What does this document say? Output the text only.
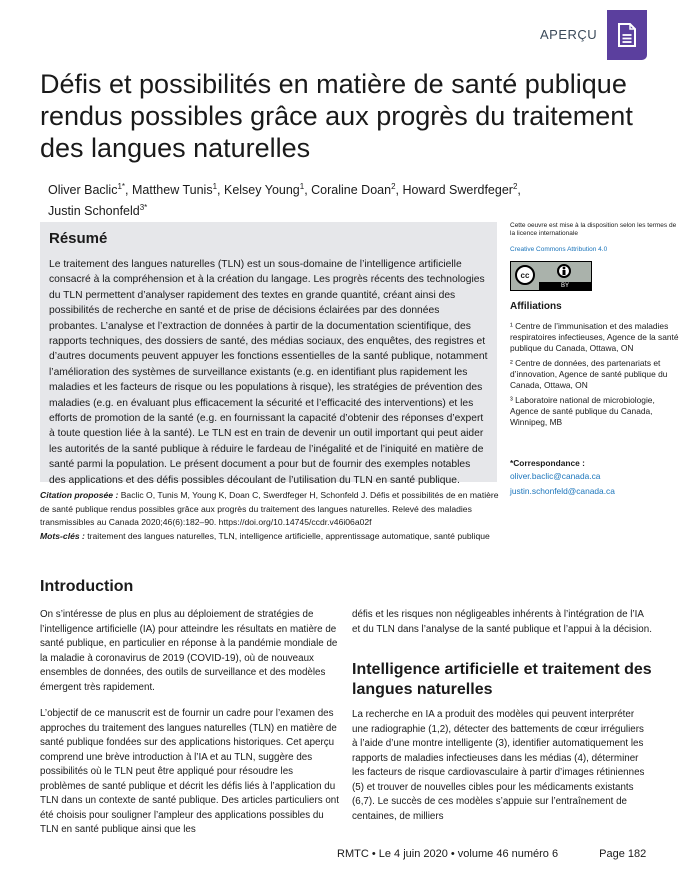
APERÇU
Défis et possibilités en matière de santé publique rendus possibles grâce aux progrès du traitement des langues naturelles
Oliver Baclic$^{1*}$, Matthew Tunis$^1$, Kelsey Young$^1$, Coraline Doan$^2$, Howard Swerdfeger$^2$,
Justin Schonfeld$^{3*}$
Résumé

Le traitement des langues naturelles (TLN) est un sous-domaine de l’intelligence artificielle consacré à la compréhension et à la création du langage. Les progrès récents des technologies du TLN permettent d’analyser rapidement des textes en grande quantité, créant ainsi des possibilités de recherche en santé et de prise de décisions éclairées par des données probantes. L’analyse et l’extraction de données à partir de la documentation scientifique, des rapports techniques, des dossiers de santé, des médias sociaux, des enquêtes, des registres et d’autres documents peuvent appuyer les fonctions essentielles de la santé publique, notamment l’amélioration des systèmes de surveillance existants (e.g. en identifiant plus rapidement les maladies et les facteurs de risque ou les populations à risque), les stratégies de prévention des maladies (e.g. en évaluant plus efficacement la sécurité et l’efficacité des interventions) et les efforts de promotion de la santé (e.g. en fournissant la capacité d’obtenir des réponses d’expert à toute question liée à la santé). Le TLN est en train de devenir un outil important qui peut aider les autorités de la santé publique à réduire le fardeau de l’inégalité et de l’iniquité en matière de santé parmi la population. Le présent document a pour but de fournir des exemples notables des applications et des défis possibles découlant de l’utilisation du TLN en santé publique.

Citation proposée : Baclic O, Tunis M, Young K, Doan C, Swerdfeger H, Schonfeld J. Défis et possibilités de en matière de santé publique rendus possibles grâce aux progrès du traitement des langues naturelles. Relevé des maladies transmissibles au Canada 2020;46(6):182–90. https://doi.org/10.14745/ccdr.v46i06a02f
Mots-clés : traitement des langues naturelles, TLN, intelligence artificielle, apprentissage automatique, santé publique
Cette oeuvre est mise à la disposition selon les termes de la licence internationale
Creative Commons Attribution 4.0
cc
BY
Affiliations
¹ Centre de l’immunisation et des maladies respiratoires infectieuses, Agence de la santé publique du Canada, Ottawa, ON
² Centre de données, des partenariats et d’innovation, Agence de santé publique du Canada, Ottawa, ON
³ Laboratoire national de microbiologie, Agence de santé publique du Canada, Winnipeg, MB
*Correspondance :
oliver.baclic@canada.ca
justin.schonfeld@canada.ca
Introduction

On s’intéresse de plus en plus au déploiement de stratégies de l’intelligence artificielle (IA) pour atteindre les résultats en matière de santé publique, en particulier en réponse à la pandémie mondiale de la maladie à coronavirus de 2019 (COVID-19), où de nouveaux ensembles de données, des outils de surveillance et des modèles émergent très rapidement.

L’objectif de ce manuscrit est de fournir un cadre pour l’examen des approches du traitement des langues naturelles (TLN) en matière de santé publique fondées sur des applications historiques. Cet aperçu comprend une brève introduction à l’IA et au TLN, suggère des possibilités où le TLN peut être appliqué pour résoudre les problèmes de santé publique et décrit les défis liés à l’application du TLN dans un contexte de santé publique. Des articles particuliers ont été choisis pour souligner l’ampleur des applications possibles du TLN en santé publique ainsi que les

défis et les risques non négligeables inhérents à l’intégration de l’IA et du TLN dans l’analyse de la santé publique et l’appui à la décision.

Intelligence artificielle et traitement des langues naturelles

La recherche en IA a produit des modèles qui peuvent interpréter une radiographie (1,2), détecter des battements de cœur irréguliers à l’aide d’une montre intelligente (3), identifier automatiquement les rapports de maladies infectieuses dans les médias (4), déterminer les facteurs de risque cardiovasculaire à partir d’images rétiniennes (5) et trouver de nouvelles cibles pour les médicaments existants (6,7). Le succès de ces modèles s’appuie sur l’entraînement de centaines, de milliers

RMTC • Le 4 juin 2020 • volume 46 numéro 6	Page 182
